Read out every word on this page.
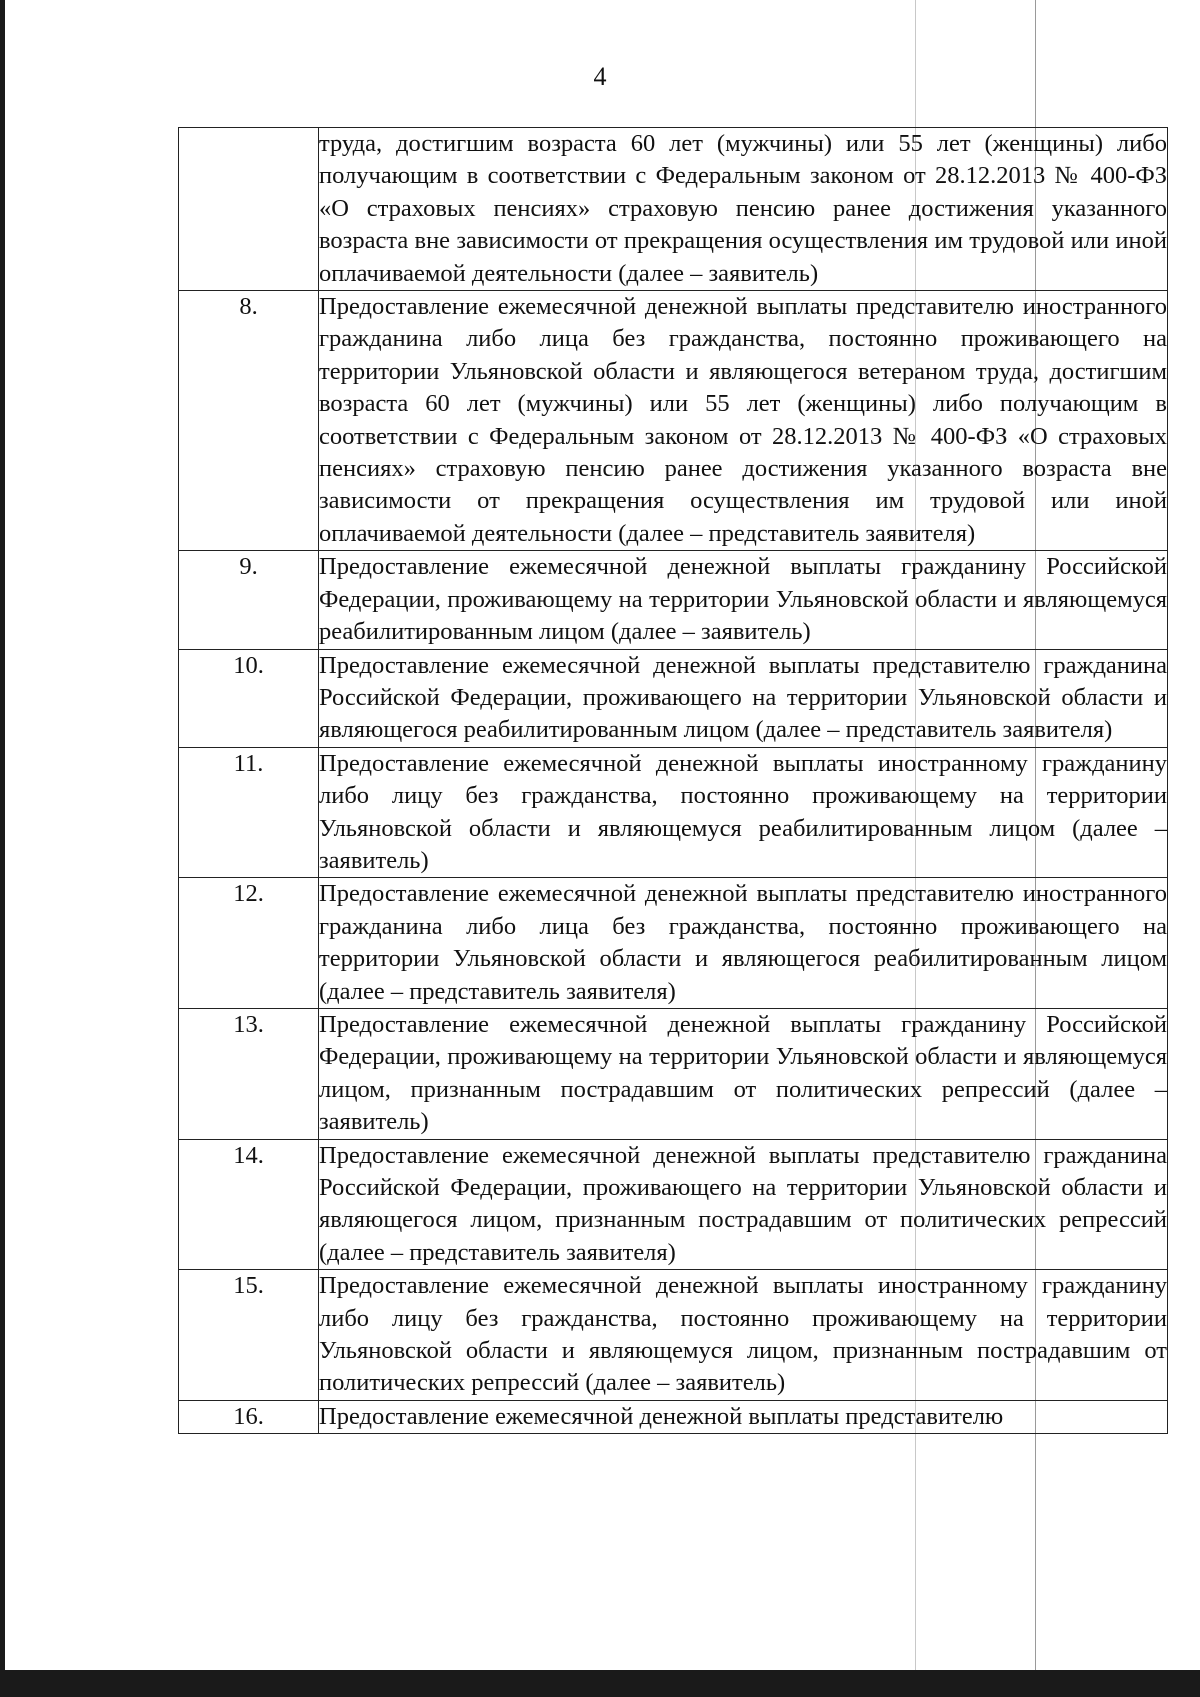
4
	труда, достигшим возраста 60 лет (мужчины) или 55 лет (женщины) либо получающим в соответствии с Федеральным законом от 28.12.2013 № 400-ФЗ «О страховых пенсиях» страховую пенсию ранее достижения указанного возраста вне зависимости от прекращения осуществления им трудовой или иной оплачиваемой деятельности (далее – заявитель)
8.	Предоставление ежемесячной денежной выплаты представителю иностранного гражданина либо лица без гражданства, постоянно проживающего на территории Ульяновской области и являющегося ветераном труда, достигшим возраста 60 лет (мужчины) или 55 лет (женщины) либо получающим в соответствии с Федеральным законом от 28.12.2013 № 400-ФЗ «О страховых пенсиях» страховую пенсию ранее достижения указанного возраста вне зависимости от прекращения осуществления им трудовой или иной оплачиваемой деятельности (далее – представитель заявителя)
9.	Предоставление ежемесячной денежной выплаты гражданину Российской Федерации, проживающему на территории Ульяновской области и являющемуся реабилитированным лицом (далее – заявитель)
10.	Предоставление ежемесячной денежной выплаты представителю гражданина Российской Федерации, проживающего на территории Ульяновской области и являющегося реабилитированным лицом (далее – представитель заявителя)
11.	Предоставление ежемесячной денежной выплаты иностранному гражданину либо лицу без гражданства, постоянно проживающему на территории Ульяновской области и являющемуся реабилитированным лицом (далее – заявитель)
12.	Предоставление ежемесячной денежной выплаты представителю иностранного гражданина либо лица без гражданства, постоянно проживающего на территории Ульяновской области и являющегося реабилитированным лицом (далее – представитель заявителя)
13.	Предоставление ежемесячной денежной выплаты гражданину Российской Федерации, проживающему на территории Ульяновской области и являющемуся лицом, признанным пострадавшим от политических репрессий (далее – заявитель)
14.	Предоставление ежемесячной денежной выплаты представителю гражданина Российской Федерации, проживающего на территории Ульяновской области и являющегося лицом, признанным пострадавшим от политических репрессий (далее – представитель заявителя)
15.	Предоставление ежемесячной денежной выплаты иностранному гражданину либо лицу без гражданства, постоянно проживающему на территории Ульяновской области и являющемуся лицом, признанным пострадавшим от политических репрессий (далее – заявитель)
16.	Предоставление ежемесячной денежной выплаты представителю
